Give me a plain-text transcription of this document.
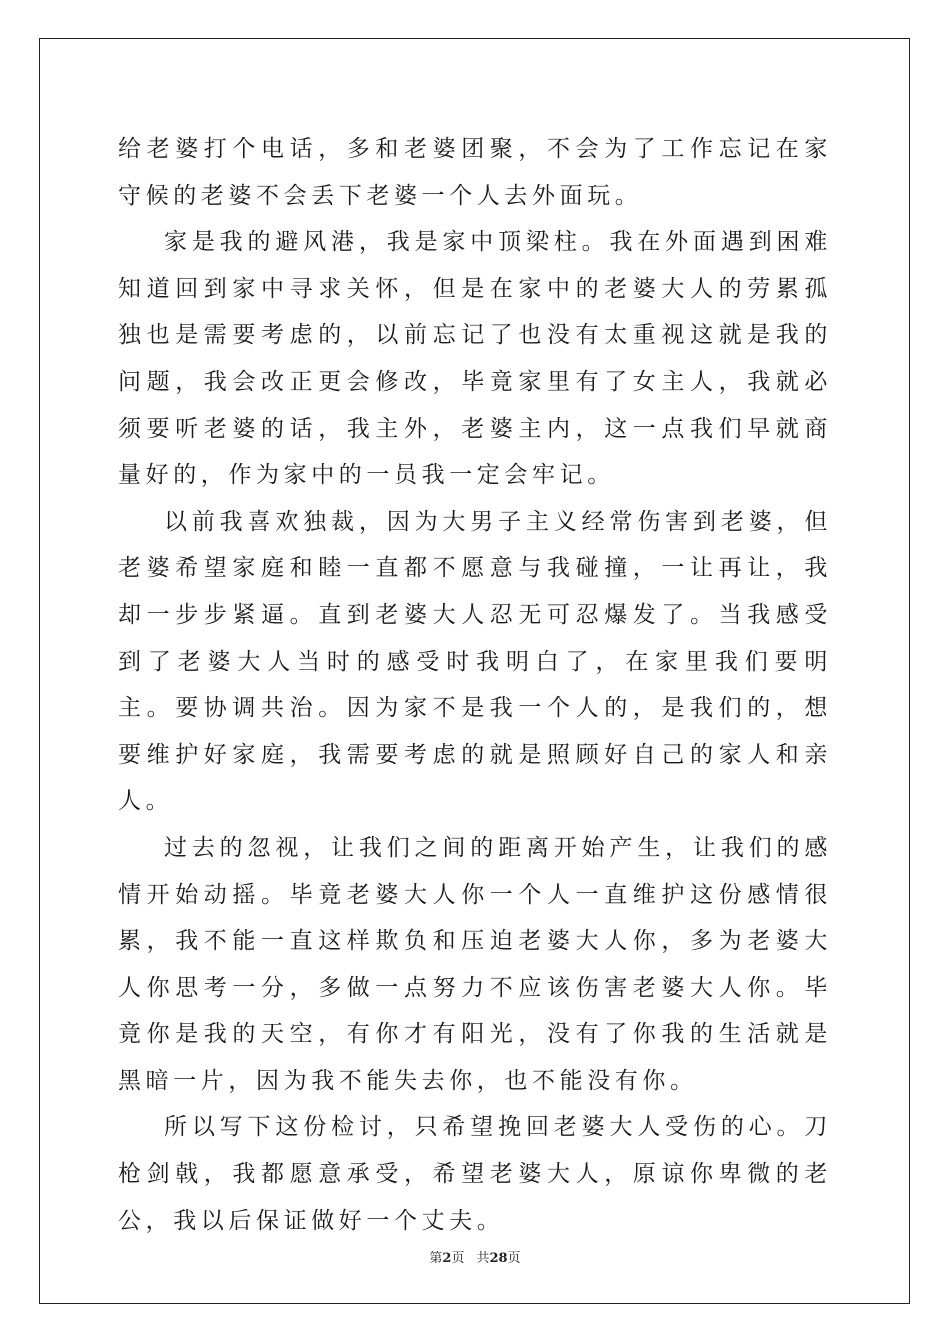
给老婆打个电话，多和老婆团聚，不会为了工作忘记在家守候的老婆不会丢下老婆一个人去外面玩。

家是我的避风港，我是家中顶梁柱。我在外面遇到困难知道回到家中寻求关怀，但是在家中的老婆大人的劳累孤独也是需要考虑的，以前忘记了也没有太重视这就是我的问题，我会改正更会修改，毕竟家里有了女主人，我就必须要听老婆的话，我主外，老婆主内，这一点我们早就商量好的，作为家中的一员我一定会牢记。

以前我喜欢独裁，因为大男子主义经常伤害到老婆，但老婆希望家庭和睦一直都不愿意与我碰撞，一让再让，我却一步步紧逼。直到老婆大人忍无可忍爆发了。当我感受到了老婆大人当时的感受时我明白了，在家里我们要明主。要协调共治。因为家不是我一个人的，是我们的，想要维护好家庭，我需要考虑的就是照顾好自己的家人和亲人。

过去的忽视，让我们之间的距离开始产生，让我们的感情开始动摇。毕竟老婆大人你一个人一直维护这份感情很累，我不能一直这样欺负和压迫老婆大人你，多为老婆大人你思考一分，多做一点努力不应该伤害老婆大人你。毕竟你是我的天空，有你才有阳光，没有了你我的生活就是黑暗一片，因为我不能失去你，也不能没有你。

所以写下这份检讨，只希望挽回老婆大人受伤的心。刀枪剑戟，我都愿意承受，希望老婆大人，原谅你卑微的老公，我以后保证做好一个丈夫。

第2页 共28页
